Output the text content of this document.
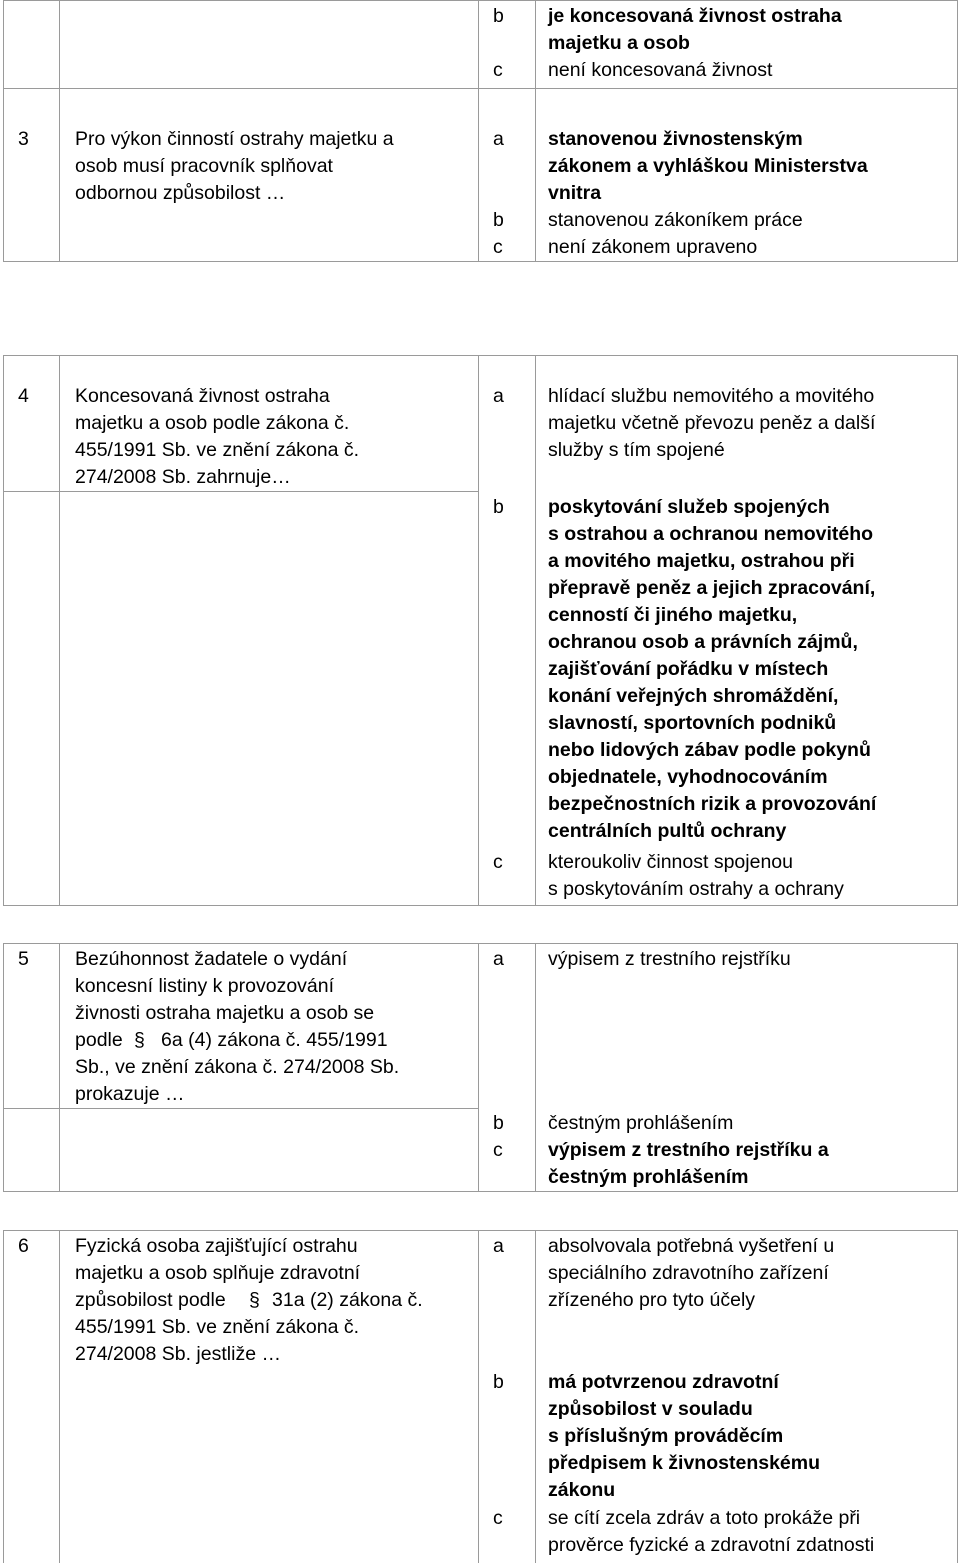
b je koncesovaná živnost ostraha
majetku a osob
c není koncesovaná živnost
3 Pro výkon činností ostrahy majetku a
osob musí pracovník splňovat
odbornou způsobilost …
a stanovenou živnostenským
zákonem a vyhláškou Ministerstva
vnitra
b stanovenou zákoníkem práce
c není zákonem upraveno
4 Koncesovaná živnost ostraha
majetku a osob podle zákona č.
455/1991 Sb. ve znění zákona č.
274/2008 Sb. zahrnuje…
a hlídací službu nemovitého a movitého
majetku včetně převozu peněz a další
služby s tím spojené
b poskytování služeb spojených
s ostrahou a ochranou nemovitého
a movitého majetku, ostrahou při
přepravě peněz a jejich zpracování,
cenností či jiného majetku,
ochranou osob a právních zájmů,
zajišťování pořádku v místech
konání veřejných shromáždění,
slavností, sportovních podniků
nebo lidových zábav podle pokynů
objednatele, vyhodnocováním
bezpečnostních rizik a provozování
centrálních pultů ochrany
c kteroukoliv činnost spojenou
s poskytováním ostrahy a ochrany
5 Bezúhonnost žadatele o vydání
koncesní listiny k provozování
živnosti ostraha majetku a osob se
podle § 6a (4) zákona č. 455/1991
Sb., ve znění zákona č. 274/2008 Sb.
prokazuje …
a výpisem z trestního rejstříku
b čestným prohlášením
c výpisem z trestního rejstříku a
čestným prohlášením
6 Fyzická osoba zajišťující ostrahu
majetku a osob splňuje zdravotní
způsobilost podle § 31a (2) zákona č.
455/1991 Sb. ve znění zákona č.
274/2008 Sb. jestliže …
a absolvovala potřebná vyšetření u
speciálního zdravotního zařízení
zřízeného pro tyto účely
b má potvrzenou zdravotní
způsobilost v souladu
s příslušným prováděcím
předpisem k živnostenskému
zákonu
c se cítí zcela zdráv a toto prokáže při
prověrce fyzické a zdravotní zdatnosti
